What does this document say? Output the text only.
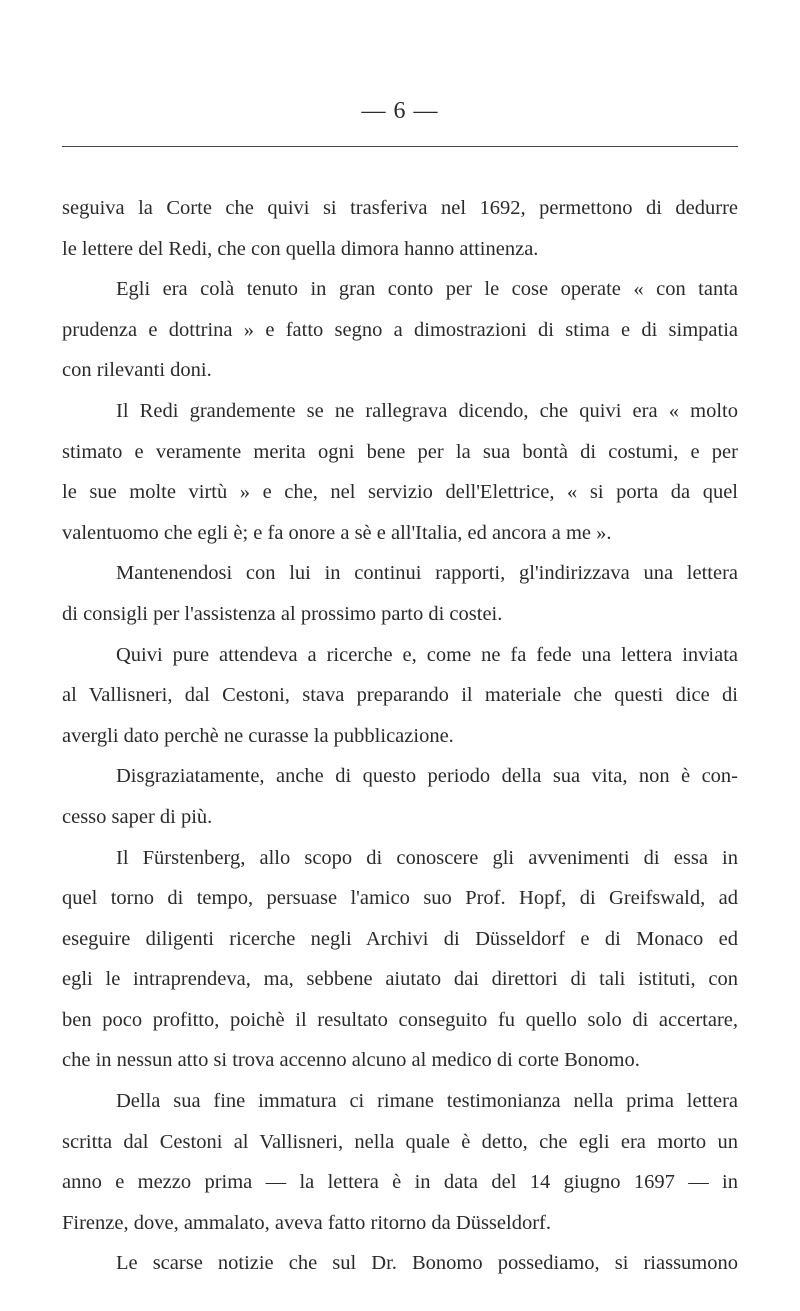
— 6 —
seguiva la Corte che quivi si trasferiva nel 1692, permettono di dedurre
le lettere del Redi, che con quella dimora hanno attinenza.
Egli era colà tenuto in gran conto per le cose operate « con tanta
prudenza e dottrina » e fatto segno a dimostrazioni di stima e di simpatia
con rilevanti doni.
Il Redi grandemente se ne rallegrava dicendo, che quivi era « molto
stimato e veramente merita ogni bene per la sua bontà di costumi, e per
le sue molte virtù » e che, nel servizio dell'Elettrice, « si porta da quel
valentuomo che egli è; e fa onore a sè e all'Italia, ed ancora a me ».
Mantenendosi con lui in continui rapporti, gl'indirizzava una lettera
di consigli per l'assistenza al prossimo parto di costei.
Quivi pure attendeva a ricerche e, come ne fa fede una lettera inviata
al Vallisneri, dal Cestoni, stava preparando il materiale che questi dice di
avergli dato perchè ne curasse la pubblicazione.
Disgraziatamente, anche di questo periodo della sua vita, non è con-
cesso saper di più.
Il Fürstenberg, allo scopo di conoscere gli avvenimenti di essa in
quel torno di tempo, persuase l'amico suo Prof. Hopf, di Greifswald, ad
eseguire diligenti ricerche negli Archivi di Düsseldorf e di Monaco ed
egli le intraprendeva, ma, sebbene aiutato dai direttori di tali istituti, con
ben poco profitto, poichè il resultato conseguito fu quello solo di accertare,
che in nessun atto si trova accenno alcuno al medico di corte Bonomo.
Della sua fine immatura ci rimane testimonianza nella prima lettera
scritta dal Cestoni al Vallisneri, nella quale è detto, che egli era morto un
anno e mezzo prima — la lettera è in data del 14 giugno 1697 — in
Firenze, dove, ammalato, aveva fatto ritorno da Düsseldorf.
Le scarse notizie che sul Dr. Bonomo possediamo, si riassumono
